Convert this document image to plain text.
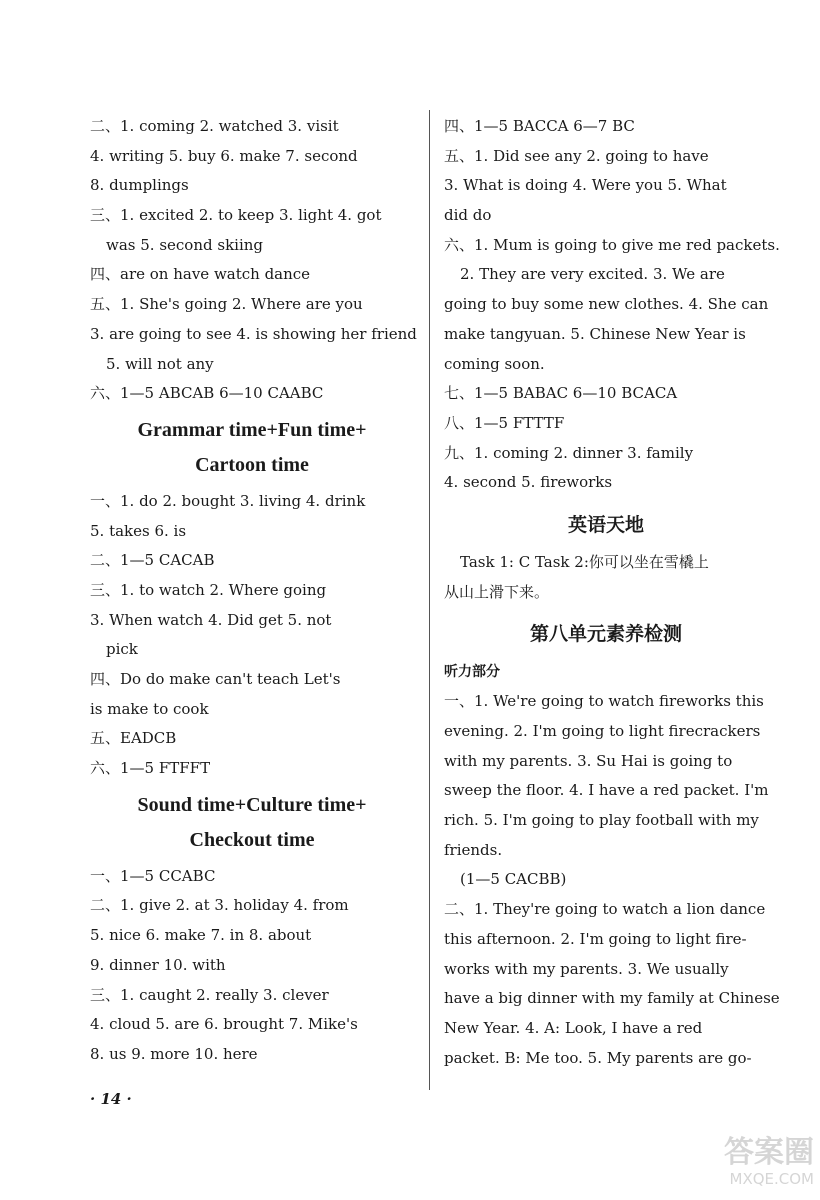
二、1. coming 2. watched 3. visit
4. writing 5. buy 6. make 7. second
8. dumplings
三、1. excited 2. to keep 3. light 4. got
was 5. second skiing
四、are on have watch dance
五、1. She's going 2. Where are you
3. are going to see 4. is showing her friend
5. will not any
六、1—5 ABCAB 6—10 CAABC
Grammar time+Fun time+
Cartoon time
一、1. do 2. bought 3. living 4. drink
5. takes 6. is
二、1—5 CACAB
三、1. to watch 2. Where going
3. When watch 4. Did get 5. not
pick
四、Do do make can't teach Let's
is make to cook
五、EADCB
六、1—5 FTFFT
Sound time+Culture time+
Checkout time
一、1—5 CCABC
二、1. give 2. at 3. holiday 4. from
5. nice 6. make 7. in 8. about
9. dinner 10. with
三、1. caught 2. really 3. clever
4. cloud 5. are 6. brought 7. Mike's
8. us 9. more 10. here
四、1—5 BACCA 6—7 BC
五、1. Did see any 2. going to have
3. What is doing 4. Were you 5. What
did do
六、1. Mum is going to give me red packets.
2. They are very excited. 3. We are
going to buy some new clothes. 4. She can
make tangyuan. 5. Chinese New Year is
coming soon.
七、1—5 BABAC 6—10 BCACA
八、1—5 FTTTF
九、1. coming 2. dinner 3. family
4. second 5. fireworks
英语天地
Task 1: C Task 2:你可以坐在雪橇上
从山上滑下来。
第八单元素养检测
听力部分
一、1. We're going to watch fireworks this
evening. 2. I'm going to light firecrackers
with my parents. 3. Su Hai is going to
sweep the floor. 4. I have a red packet. I'm
rich. 5. I'm going to play football with my
friends.
(1—5 CACBB)
二、1. They're going to watch a lion dance
this afternoon. 2. I'm going to light fire-
works with my parents. 3. We usually
have a big dinner with my family at Chinese
New Year. 4. A: Look, I have a red
packet. B: Me too. 5. My parents are go-
· 14 ·
答案圈
MXQE.COM
